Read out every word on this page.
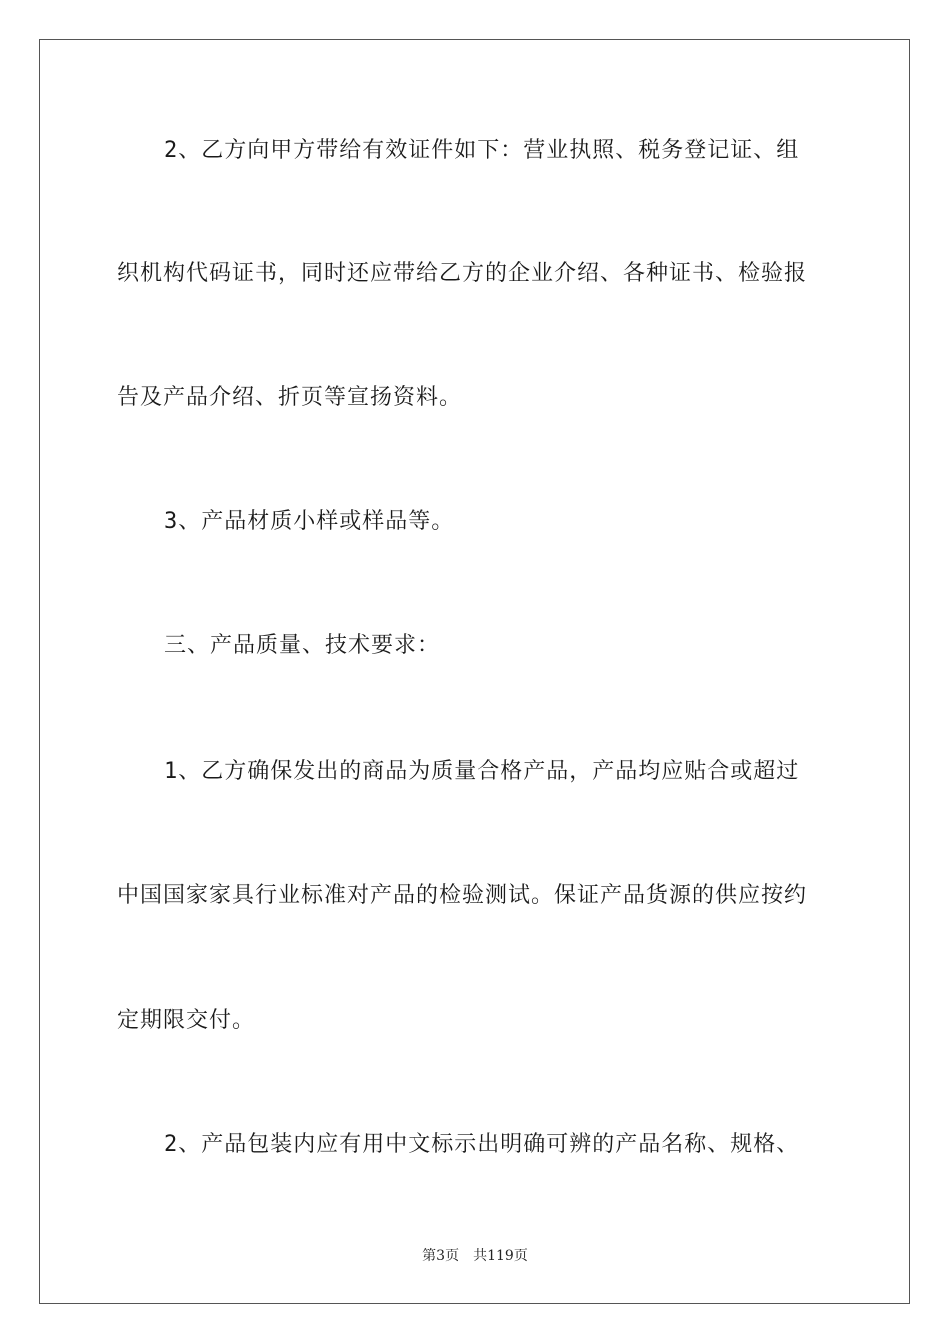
2、乙方向甲方带给有效证件如下：营业执照、税务登记证、组
织机构代码证书，同时还应带给乙方的企业介绍、各种证书、检验报
告及产品介绍、折页等宣扬资料。
3、产品材质小样或样品等。
三、产品质量、技术要求：
1、乙方确保发出的商品为质量合格产品，产品均应贴合或超过
中国国家家具行业标准对产品的检验测试。保证产品货源的供应按约
定期限交付。
2、产品包装内应有用中文标示出明确可辨的产品名称、规格、
第3页 共119页
